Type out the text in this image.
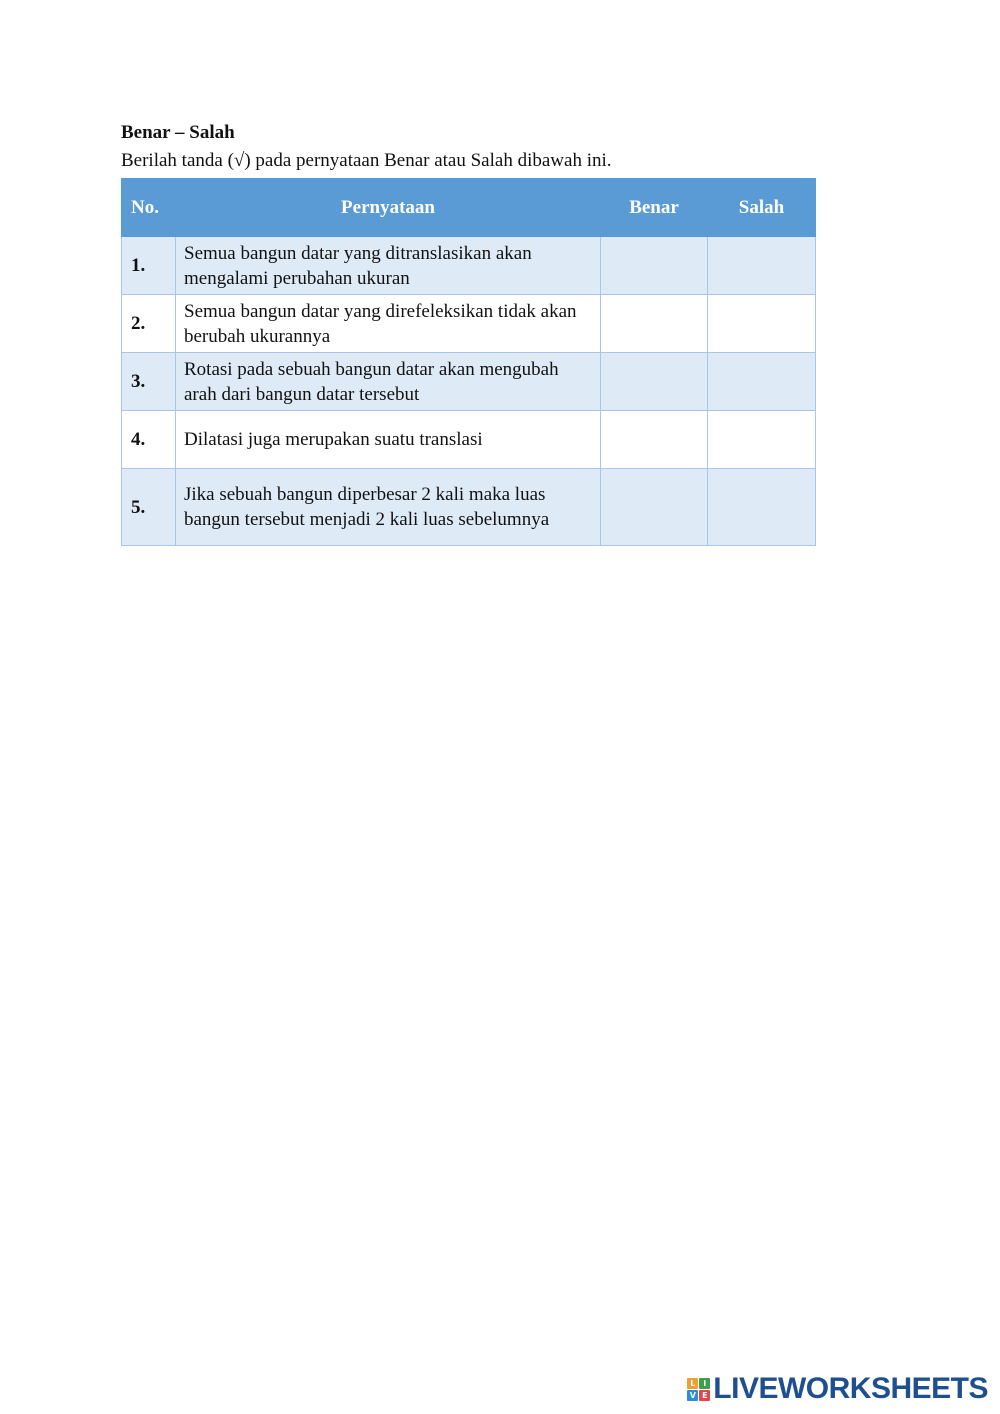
Benar – Salah

Berilah tanda (√) pada pernyataan Benar atau Salah dibawah ini.

No.	Pernyataan	Benar	Salah
1.	Semua bangun datar yang ditranslasikan akan mengalami perubahan ukuran		
2.	Semua bangun datar yang direfeleksikan tidak akan berubah ukurannya		
3.	Rotasi pada sebuah bangun datar akan mengubah arah dari bangun datar tersebut		
4.	Dilatasi juga merupakan suatu translasi		
5.	Jika sebuah bangun diperbesar 2 kali maka luas bangun tersebut menjadi 2 kali luas sebelumnya		
L I
V E LIVEWORKSHEETS
